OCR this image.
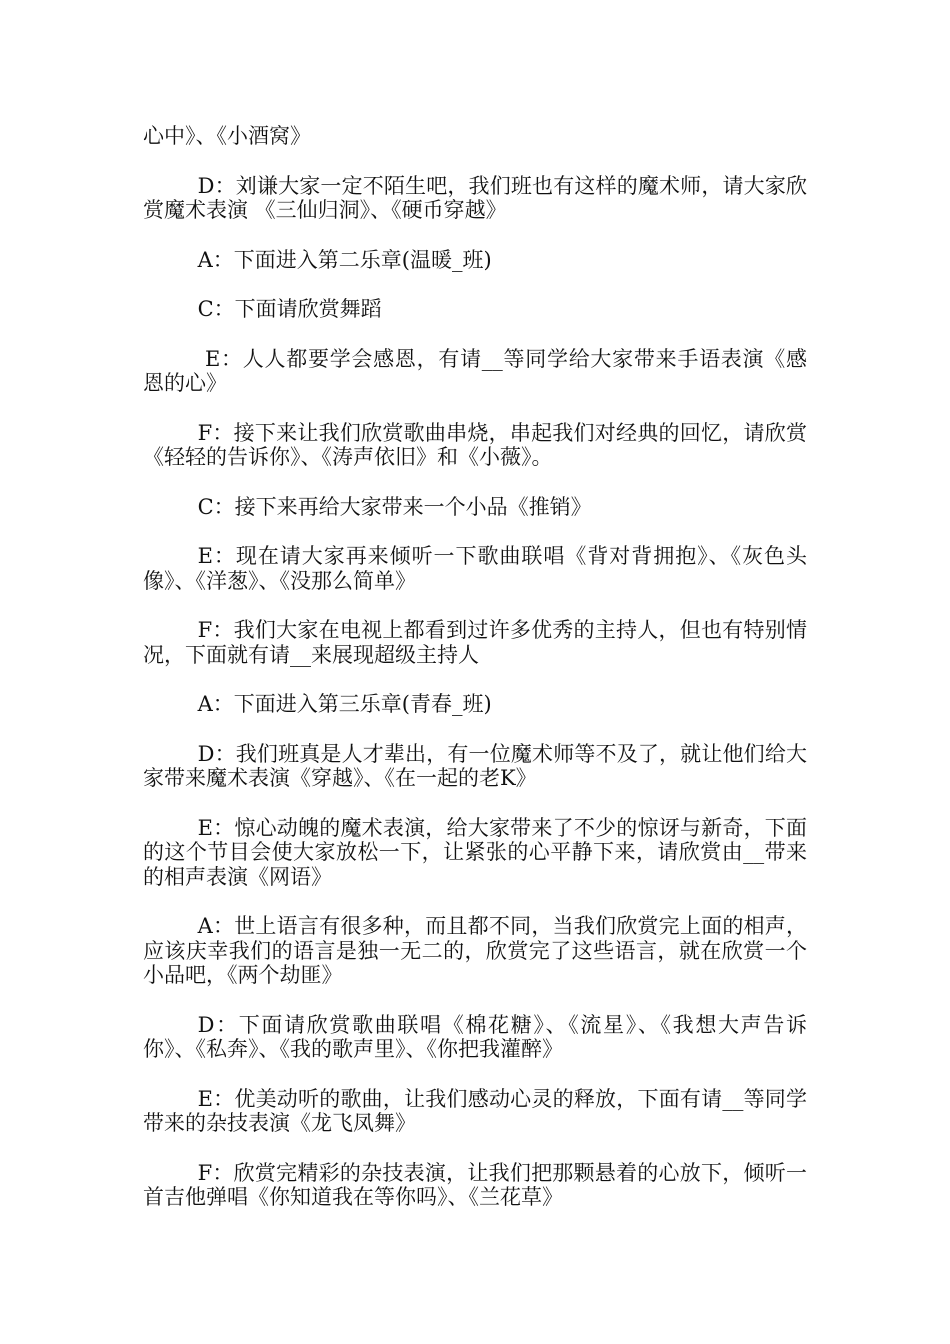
心中》、《小酒窝》

D：刘谦大家一定不陌生吧，我们班也有这样的魔术师，请大家欣赏魔术表演 《三仙归洞》、《硬币穿越》

A：下面进入第二乐章(温暖_班)

C：下面请欣赏舞蹈

E：人人都要学会感恩，有请__等同学给大家带来手语表演《感恩的心》

F：接下来让我们欣赏歌曲串烧，串起我们对经典的回忆，请欣赏《轻轻的告诉你》、《涛声依旧》和《小薇》。

C：接下来再给大家带来一个小品《推销》

E：现在请大家再来倾听一下歌曲联唱《背对背拥抱》、《灰色头像》、《洋葱》、《没那么简单》

F：我们大家在电视上都看到过许多优秀的主持人，但也有特别情况，下面就有请__来展现超级主持人

A：下面进入第三乐章(青春_班)

D：我们班真是人才辈出，有一位魔术师等不及了，就让他们给大家带来魔术表演《穿越》、《在一起的老K》

E：惊心动魄的魔术表演，给大家带来了不少的惊讶与新奇，下面的这个节目会使大家放松一下，让紧张的心平静下来，请欣赏由__带来的相声表演《网语》

A：世上语言有很多种，而且都不同，当我们欣赏完上面的相声，应该庆幸我们的语言是独一无二的，欣赏完了这些语言，就在欣赏一个小品吧，《两个劫匪》

D：下面请欣赏歌曲联唱《棉花糖》、《流星》、《我想大声告诉你》、《私奔》、《我的歌声里》、《你把我灌醉》

E：优美动听的歌曲，让我们感动心灵的释放，下面有请__等同学带来的杂技表演《龙飞凤舞》

F：欣赏完精彩的杂技表演，让我们把那颗悬着的心放下，倾听一首吉他弹唱《你知道我在等你吗》、《兰花草》
